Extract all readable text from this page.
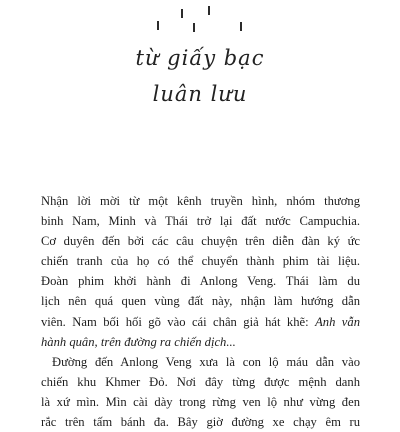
từ giấy bạc
luân lưu

Nhận lời mời từ một kênh truyền hình, nhóm thương
binh Nam, Minh và Thái trở lại đất nước Campuchia.
Cơ duyên đến bởi các câu chuyện trên diễn đàn ký ức
chiến tranh của họ có thể chuyển thành phim tài liệu.
Đoàn phim khởi hành đi Anlong Veng. Thái làm du
lịch nên quá quen vùng đất này, nhận làm hướng dẫn
viên. Nam bối hối gõ vào cái chân giả hát khẽ: Anh vẫn
hành quân, trên đường ra chiến dịch...

Đường đến Anlong Veng xưa là con lộ máu dẫn vào
chiến khu Khmer Đỏ. Nơi đây từng được mệnh danh
là xứ mìn. Mìn cài dày trong rừng ven lộ như vừng đen
rắc trên tấm bánh đa. Bây giờ đường xe chạy êm ru
